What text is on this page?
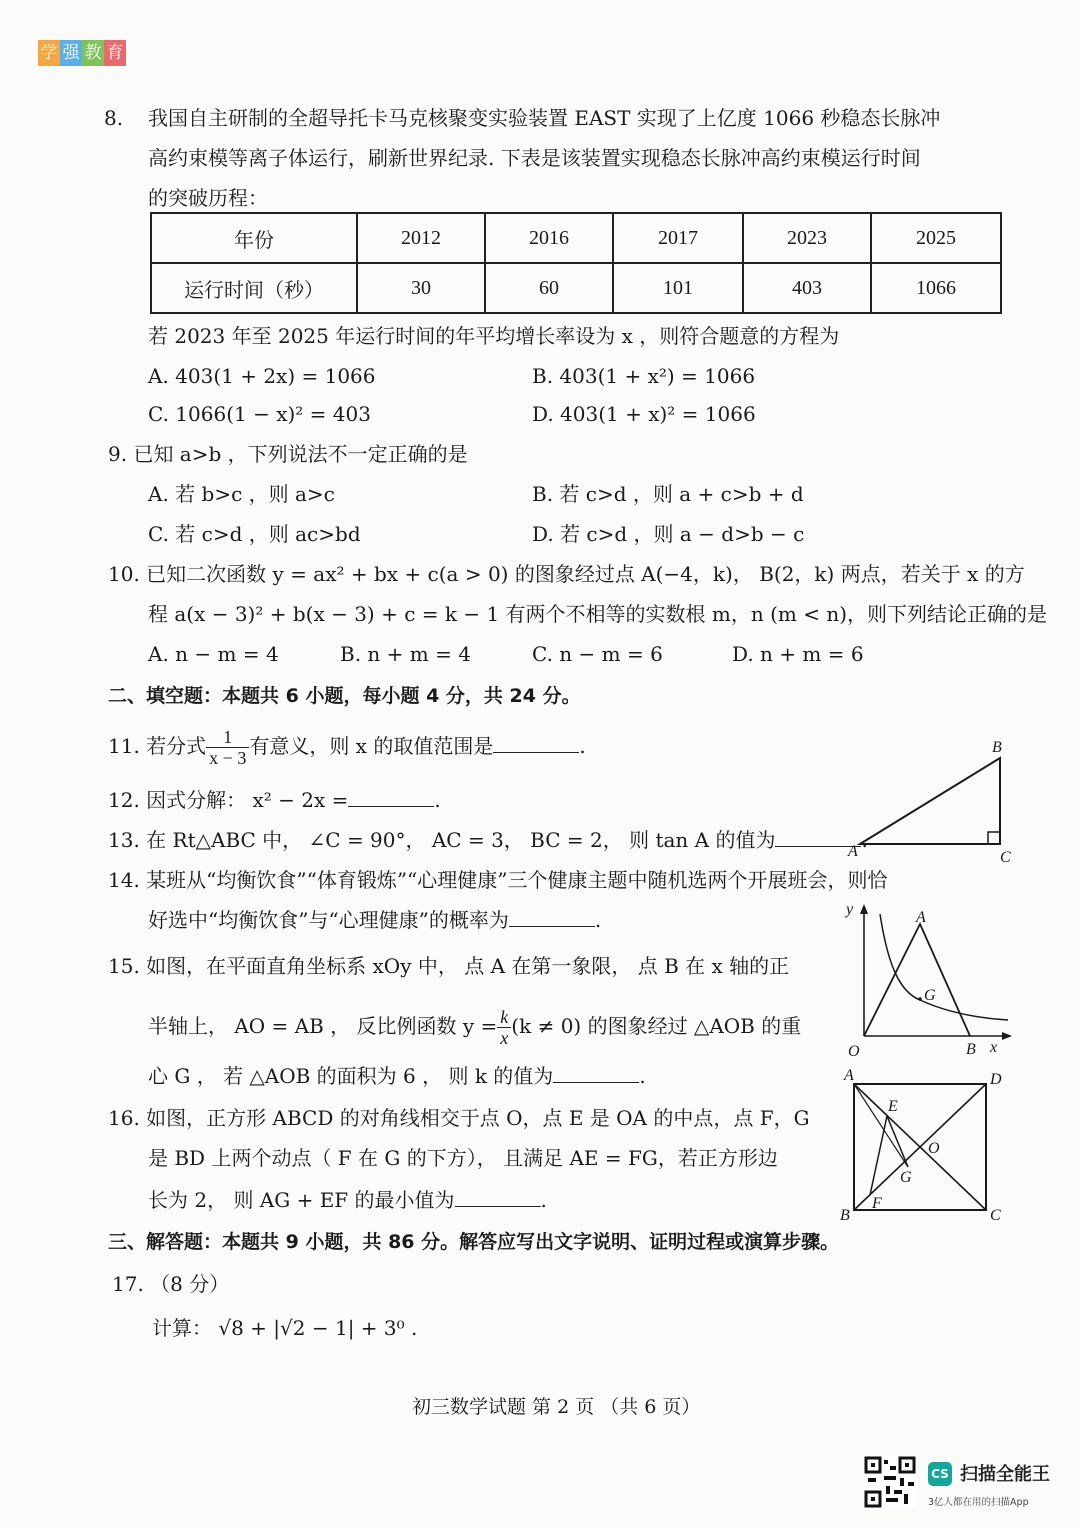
学 强 教 育
8. 我国自主研制的全超导托卡马克核聚变实验装置 EAST 实现了上亿度 1066 秒稳态长脉冲
高约束模等离子体运行，刷新世界纪录. 下表是该装置实现稳态长脉冲高约束模运行时间
的突破历程：
年份	2012	2016	2017	2023	2025
运行时间（秒）	30	60	101	403	1066
若 2023 年至 2025 年运行时间的年平均增长率设为 x ，则符合题意的方程为
A. 403(1 + 2x) = 1066	B. 403(1 + x²) = 1066
C. 1066(1 − x)² = 403	D. 403(1 + x)² = 1066
9. 已知 a>b ，下列说法不一定正确的是
A. 若 b>c ，则 a>c	B. 若 c>d ，则 a + c>b + d
C. 若 c>d ，则 ac>bd	D. 若 c>d ，则 a − d>b − c
10. 已知二次函数 y = ax² + bx + c(a > 0) 的图象经过点 A(−4，k)， B(2，k) 两点，若关于 x 的方
程 a(x − 3)² + b(x − 3) + c = k − 1 有两个不相等的实数根 m，n (m < n)，则下列结论正确的是
A. n − m = 4	B. n + m = 4	C. n − m = 6	D. n + m = 6
二、填空题：本题共 6 小题，每小题 4 分，共 24 分。
11. 若分式 $\frac{1}{x - 3}$ 有意义，则 x 的取值范围是	.
12. 因式分解： x² − 2x =	.
13. 在 Rt△ABC 中， ∠C = 90°， AC = 3， BC = 2， 则 tan A 的值为	.
B
A	C
14. 某班从“均衡饮食”“体育锻炼”“心理健康”三个健康主题中随机选两个开展班会，则恰
好选中“均衡饮食”与“心理健康”的概率为	.	y	A
G
O	B x
15. 如图，在平面直角坐标系 xOy 中， 点 A 在第一象限， 点 B 在 x 轴的正
半轴上， AO = AB ， 反比例函数 $y = \frac{k}{x} (k \ne 0)$ 的图象经过 △AOB 的重
心 G ， 若 △AOB 的面积为 6 ， 则 k 的值为	.	A	D
E
O
G
F
B	C
16. 如图，正方形 ABCD 的对角线相交于点 O，点 E 是 OA 的中点，点 F，G
是 BD 上两个动点（ F 在 G 的下方）， 且满足 AE = FG，若正方形边
长为 2， 则 AG + EF 的最小值为	.
三、解答题：本题共 9 小题，共 86 分。解答应写出文字说明、证明过程或演算步骤。
17. （8 分）
计算： √8 + |√2 − 1| + 3⁰ .
初三数学试题 第 2 页 （共 6 页）
CS 扫描全能王
3亿人都在用的扫描App
